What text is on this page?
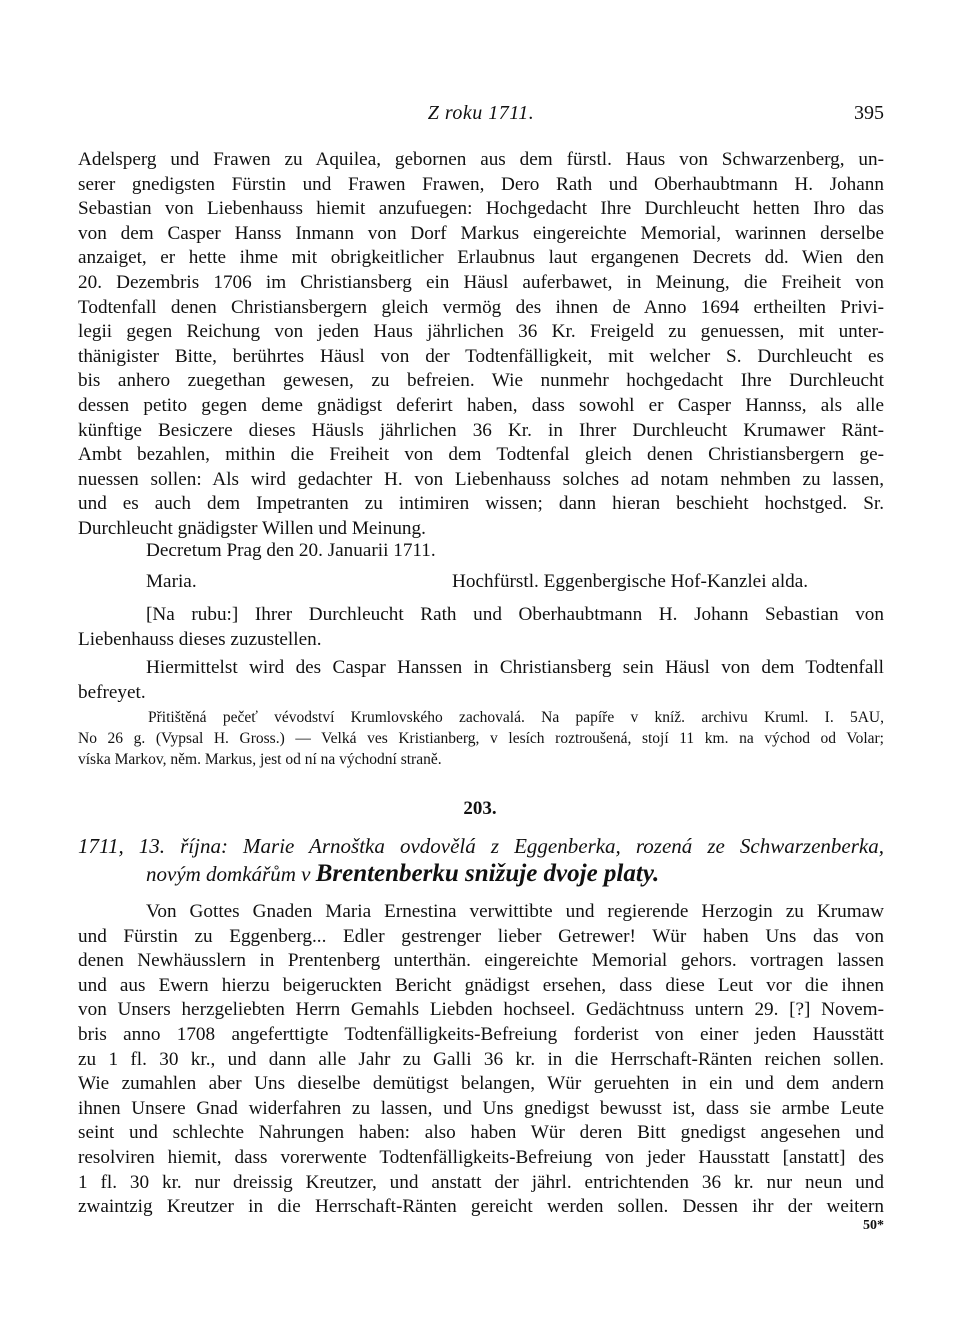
Z roku 1711.	395
Adelsperg und Frawen zu Aquilea, gebornen aus dem fürstl. Haus von Schwarzenberg, un-
serer gnedigsten Fürstin und Frawen Frawen, Dero Rath und Oberhaubtmann H. Johann
Sebastian von Liebenhauss hiemit anzufuegen: Hochgedacht Ihre Durchleucht hetten Ihro das
von dem Casper Hanss Inmann von Dorf Markus eingereichte Memorial, warinnen derselbe
anzaiget, er hette ihme mit obrigkeitlicher Erlaubnus laut ergangenen Decrets dd. Wien den
20. Dezembris 1706 im Christiansberg ein Häusl auferbawet, in Meinung, die Freiheit von
Todtenfall denen Christiansbergern gleich vermög des ihnen de Anno 1694 ertheilten Privi-
legii gegen Reichung von jeden Haus jährlichen 36 Kr. Freigeld zu genuessen, mit unter-
thänigister Bitte, berührtes Häusl von der Todtenfälligkeit, mit welcher S. Durchleucht es
bis anhero zuegethan gewesen, zu befreien. Wie nunmehr hochgedacht Ihre Durchleucht
dessen petito gegen deme gnädigst deferirt haben, dass sowohl er Casper Hannss, als alle
künftige Besiczere dieses Häusls jährlichen 36 Kr. in Ihrer Durchleucht Krumawer Ränt-
Ambt bezahlen, mithin die Freiheit von dem Todtenfal gleich denen Christiansbergern ge-
nuessen sollen: Als wird gedachter H. von Liebenhauss solches ad notam nehmben zu lassen,
und es auch dem Impetranten zu intimiren wissen; dann hieran beschieht hochstged. Sr.
Durchleucht gnädigster Willen und Meinung.
Decretum Prag den 20. Januarii 1711.
Maria.	Hochfürstl. Eggenbergische Hof-Kanzlei alda.
[Na rubu:] Ihrer Durchleucht Rath und Oberhaubtmann H. Johann Sebastian von
Liebenhauss dieses zuzustellen.
Hiermittelst wird des Caspar Hanssen in Christiansberg sein Häusl von dem Todtenfall
befreyet.
Přitištěná pečeť vévodství Krumlovského zachovalá. Na papíře v kníž. archivu Kruml. I. 5AU,
No 26 g. (Vypsal H. Gross.) — Velká ves Kristianberg, v lesích roztroušená, stojí 11 km. na východ od Volar;
víska Markov, něm. Markus, jest od ní na východní straně.
203.
1711, 13. října: Marie Arnoštka ovdovělá z Eggenberka, rozená ze Schwarzenberka,
novým domkářům v Brentenberku snižuje dvoje platy.
Von Gottes Gnaden Maria Ernestina verwittibte und regierende Herzogin zu Krumaw
und Fürstin zu Eggenberg... Edler gestrenger lieber Getrewer! Wür haben Uns das von
denen Newhäusslern in Prentenberg unterthän. eingereichte Memorial gehors. vortragen lassen
und aus Ewern hierzu beigeruckten Bericht gnädigst ersehen, dass diese Leut vor die ihnen
von Unsers herzgeliebten Herrn Gemahls Liebden hochseel. Gedächtnuss untern 29. [?] Novem-
bris anno 1708 angeferttigte Todtenfälligkeits-Befreiung forderist von einer jeden Hausstätt
zu 1 fl. 30 kr., und dann alle Jahr zu Galli 36 kr. in die Herrschaft-Ränten reichen sollen.
Wie zumahlen aber Uns dieselbe demütigst belangen, Wür geruehten in ein und dem andern
ihnen Unsere Gnad widerfahren zu lassen, und Uns gnedigst bewusst ist, dass sie armbe Leute
seint und schlechte Nahrungen haben: also haben Wür deren Bitt gnedigst angesehen und
resolviren hiemit, dass vorerwente Todtenfälligkeits-Befreiung von jeder Hausstatt [anstatt] des
1 fl. 30 kr. nur dreissig Kreutzer, und anstatt der jährl. entrichtenden 36 kr. nur neun und
zwaintzig Kreutzer in die Herrschaft-Ränten gereicht werden sollen. Dessen ihr der weitern
50*
